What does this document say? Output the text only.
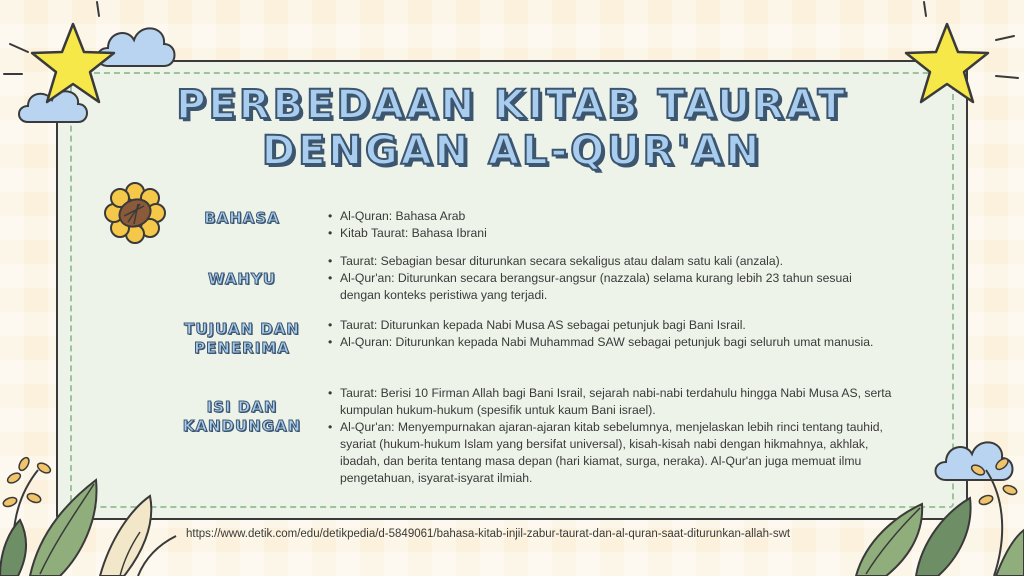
PERBEDAAN KITAB TAURAT
DENGAN AL-QUR'AN
BAHASA
•	Al-Quran: Bahasa Arab
• Kitab Taurat: Bahasa Ibrani
WAHYU
• Taurat: Sebagian besar diturunkan secara sekaligus atau dalam satu kali (anzala).
• Al-Qur'an: Diturunkan secara berangsur-angsur (nazzala) selama kurang lebih 23 tahun sesuai dengan konteks peristiwa yang terjadi.
TUJUAN DAN
PENERIMA
• Taurat: Diturunkan kepada Nabi Musa AS sebagai petunjuk bagi Bani Israil.
• Al-Quran: Diturunkan kepada Nabi Muhammad SAW sebagai petunjuk bagi seluruh umat manusia.
ISI DAN
KANDUNGAN
• Taurat: Berisi 10 Firman Allah bagi Bani Israil, sejarah nabi-nabi terdahulu hingga Nabi Musa AS, serta kumpulan hukum-hukum (spesifik untuk kaum Bani israel).
• Al-Qur'an: Menyempurnakan ajaran-ajaran kitab sebelumnya, menjelaskan lebih rinci tentang tauhid, syariat (hukum-hukum Islam yang bersifat universal), kisah-kisah nabi dengan hikmahnya, akhlak, ibadah, dan berita tentang masa depan (hari kiamat, surga, neraka). Al-Qur'an juga memuat ilmu pengetahuan, isyarat-isyarat ilmiah.
https://www.detik.com/edu/detikpedia/d-5849061/bahasa-kitab-injil-zabur-taurat-dan-al-quran-saat-diturunkan-allah-swt
